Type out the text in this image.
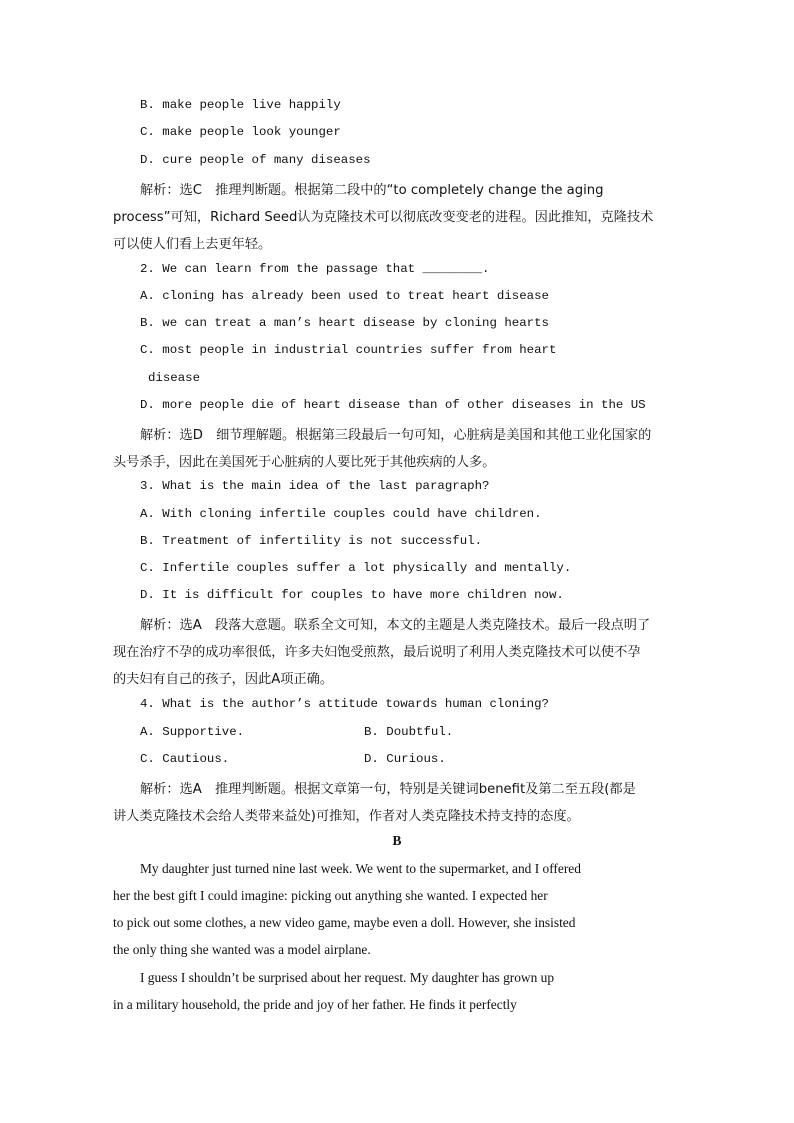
B. make people live happily
C. make people look younger
D. cure people of many diseases
解析：选C　推理判断题。根据第二段中的“to completely change the aging
process”可知，Richard Seed认为克隆技术可以彻底改变变老的进程。因此推知，克隆技术
可以使人们看上去更年轻。
2. We can learn from the passage that ________.
A. cloning has already been used to treat heart disease
B. we can treat a man’s heart disease by cloning hearts
C. most people in industrial countries suffer from heart
disease
D. more people die of heart disease than of other diseases in the US
解析：选D　细节理解题。根据第三段最后一句可知，心脏病是美国和其他工业化国家的
头号杀手，因此在美国死于心脏病的人要比死于其他疾病的人多。
3. What is the main idea of the last paragraph?
A. With cloning infertile couples could have children.
B. Treatment of infertility is not successful.
C. Infertile couples suffer a lot physically and mentally.
D. It is difficult for couples to have more children now.
解析：选A　段落大意题。联系全文可知，本文的主题是人类克隆技术。最后一段点明了
现在治疗不孕的成功率很低，许多夫妇饱受煎熬，最后说明了利用人类克隆技术可以使不孕
的夫妇有自己的孩子，因此A项正确。
4. What is the author’s attitude towards human cloning?
A. Supportive.	B. Doubtful.
C. Cautious.	D. Curious.
解析：选A　推理判断题。根据文章第一句，特别是关键词benefit及第二至五段(都是
讲人类克隆技术会给人类带来益处)可推知，作者对人类克隆技术持支持的态度。
B
My daughter just turned nine last week. We went to the supermarket, and I offered
her the best gift I could imagine: picking out anything she wanted. I expected her
to pick out some clothes, a new video game, maybe even a doll. However, she insisted
the only thing she wanted was a model airplane.
I guess I shouldn’t be surprised about her request. My daughter has grown up
in a military household, the pride and joy of her father. He finds it perfectly
